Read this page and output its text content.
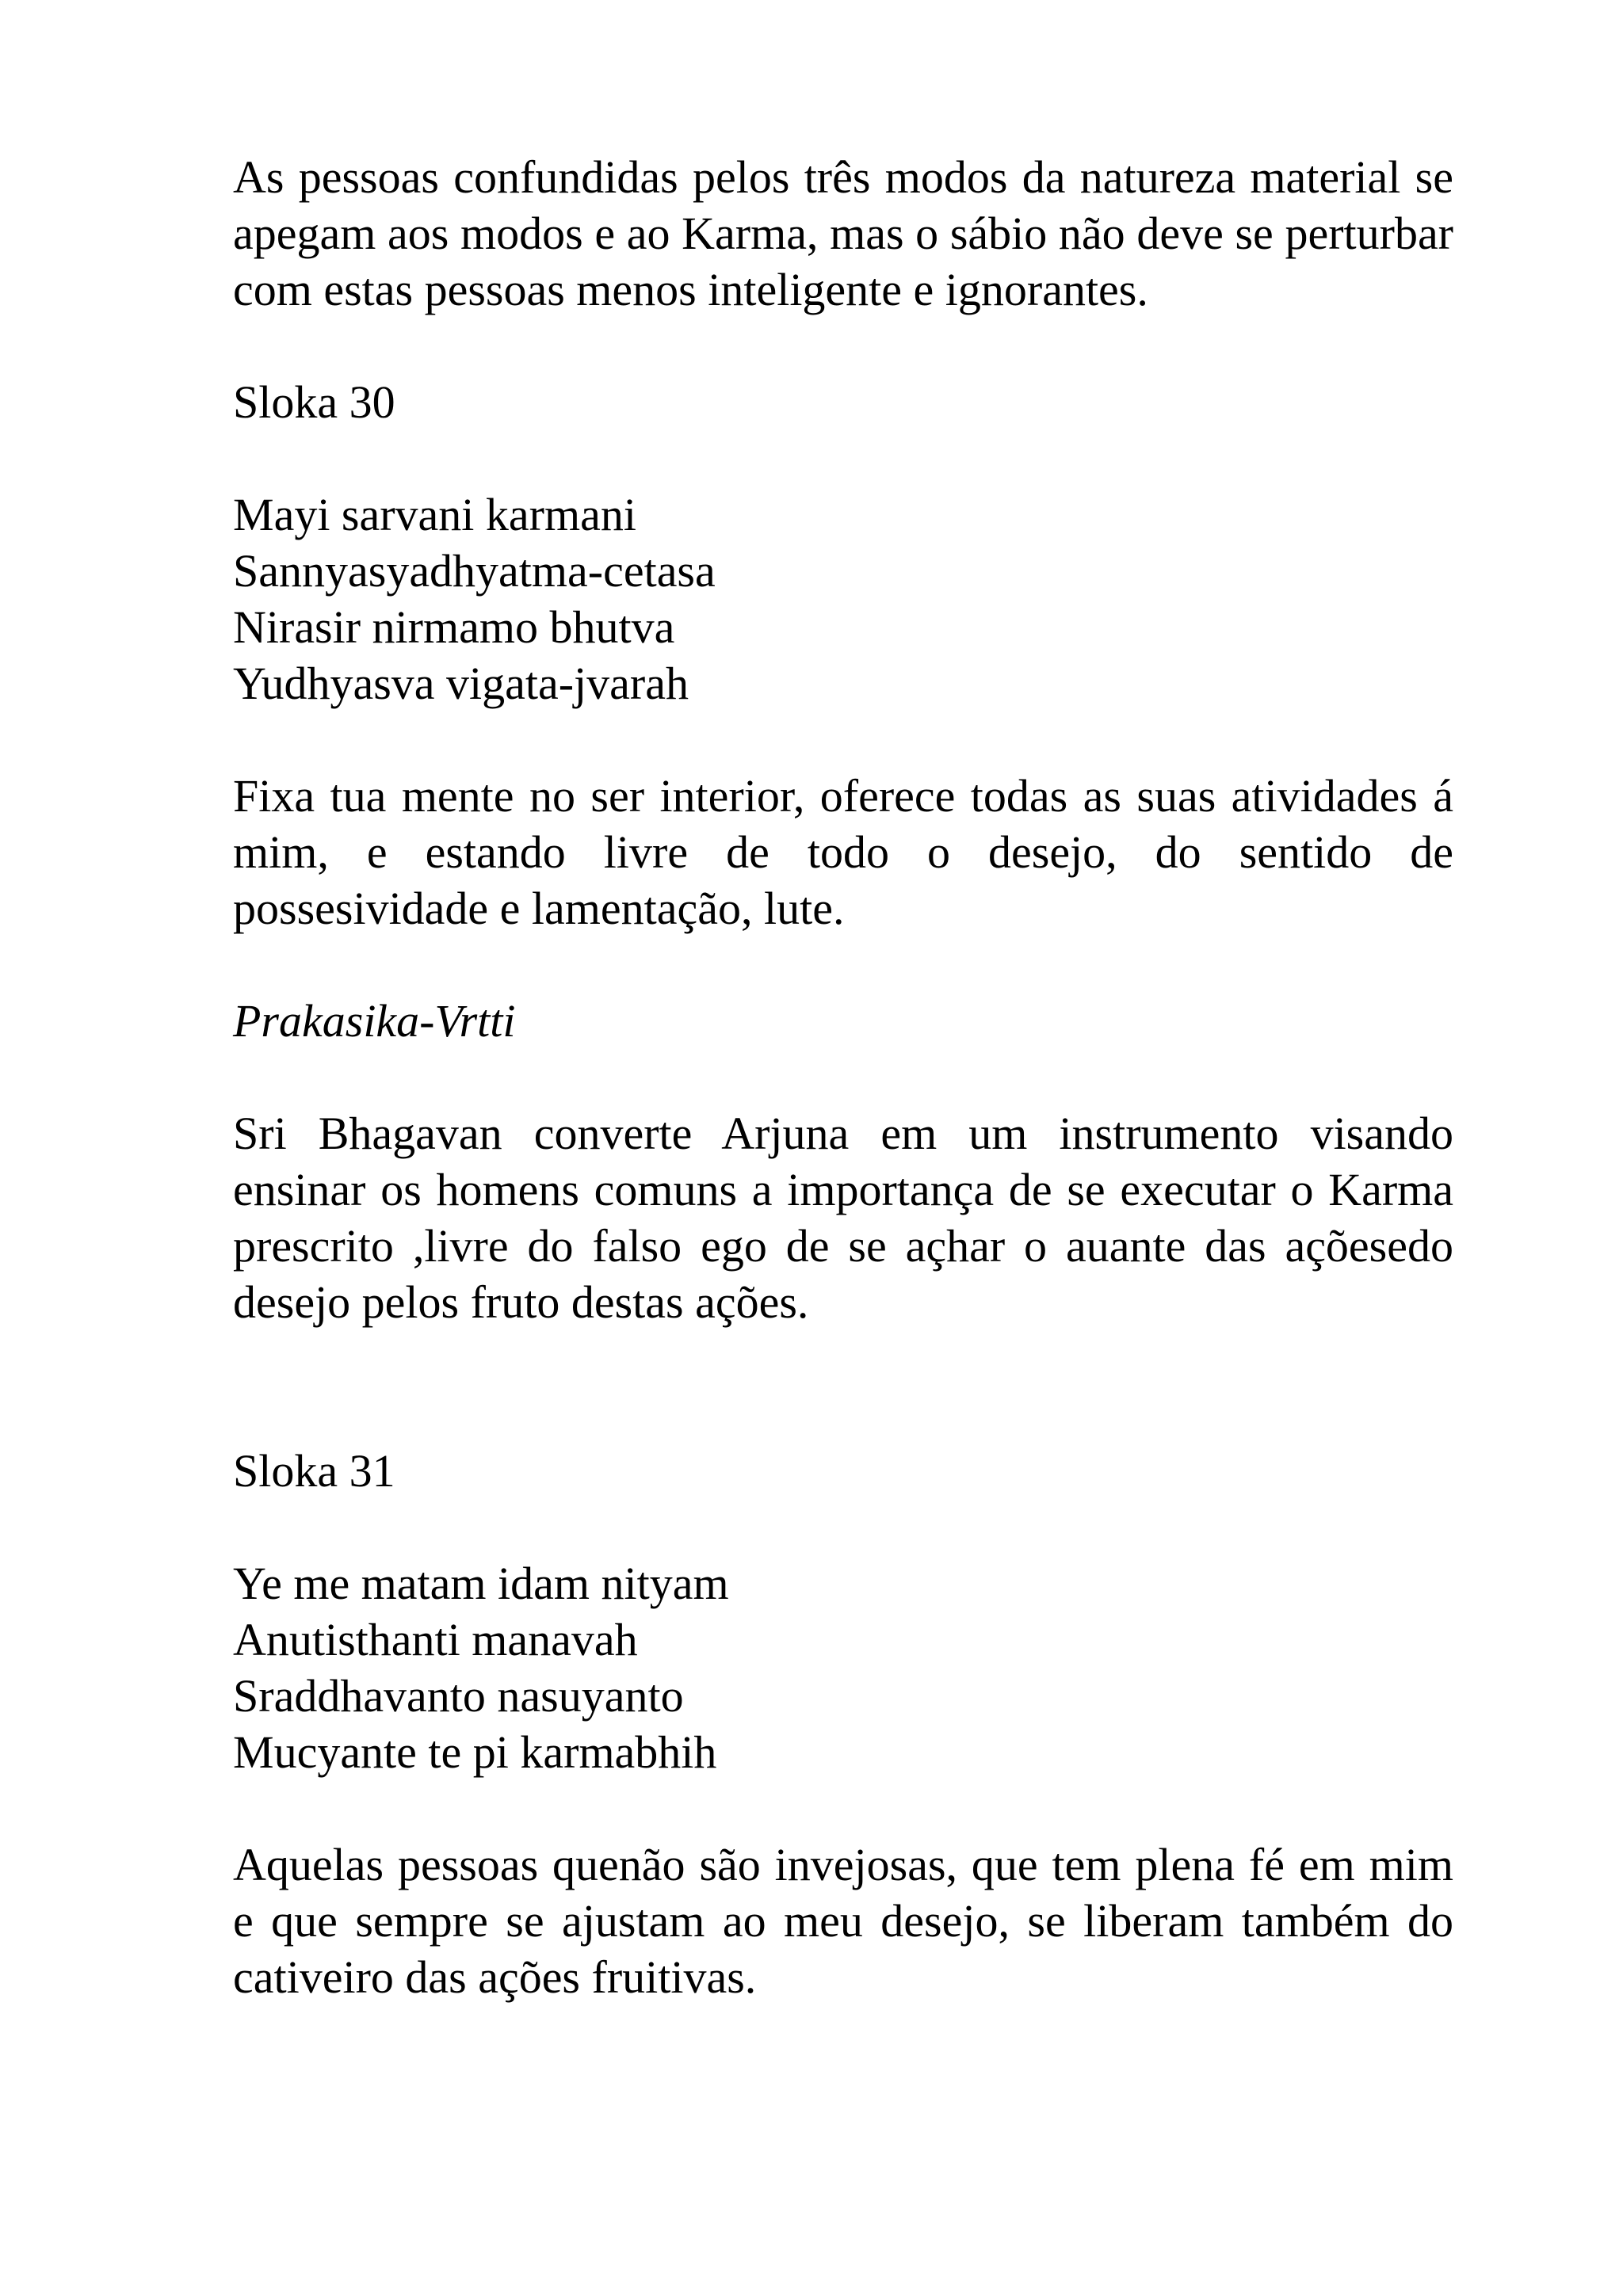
As pessoas confundidas pelos três modos da natureza material se apegam aos modos e ao Karma, mas o sábio não deve se perturbar com estas pessoas menos inteligente e ignorantes.

Sloka 30

Mayi sarvani karmani
Sannyasyadhyatma-cetasa
Nirasir nirmamo bhutva
Yudhyasva vigata-jvarah

Fixa tua mente no ser interior, oferece todas as suas atividades á mim, e estando livre de todo o desejo, do sentido de possesividade e lamentação, lute.

Prakasika-Vrtti

Sri Bhagavan converte Arjuna em um instrumento visando ensinar os homens comuns a importança de se executar o Karma prescrito ,livre do falso ego de se açhar o auante das açõesedo desejo pelos fruto destas ações.

Sloka 31

Ye me matam idam nityam
Anutisthanti manavah
Sraddhavanto nasuyanto
Mucyante te pi karmabhih

Aquelas pessoas quenão são invejosas, que tem plena fé em mim e que sempre se ajustam ao meu desejo, se liberam também do cativeiro das ações fruitivas.
